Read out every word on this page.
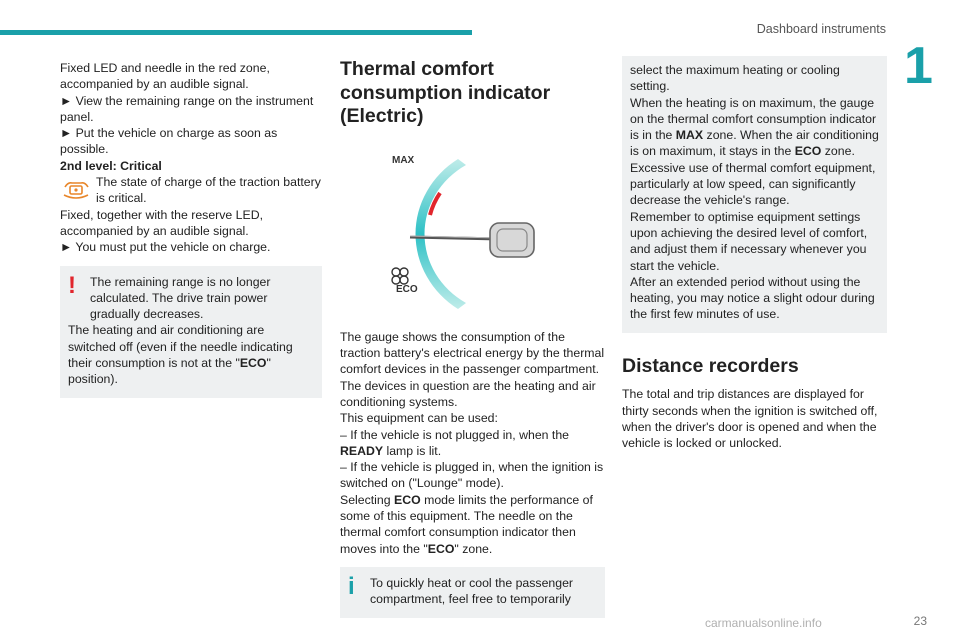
Dashboard instruments
1

Fixed LED and needle in the red zone,

accompanied by an audible signal.

► View the remaining range on the instrument panel.

► Put the vehicle on charge as soon as possible.

2nd level: Critical

The state of charge of the traction battery is critical.

Fixed, together with the reserve LED, accompanied by an audible signal.

► You must put the vehicle on charge.

!	The remaining range is no longer calculated. The drive train power gradually decreases.

The heating and air conditioning are switched off (even if the needle indicating their consumption is not at the "ECO" position).

Thermal comfort consumption indicator (Electric)
MAX
ECO

The gauge shows the consumption of the traction battery's electrical energy by the thermal comfort devices in the passenger compartment.

The devices in question are the heating and air conditioning systems.

This equipment can be used:

– If the vehicle is not plugged in, when the READY lamp is lit.

– If the vehicle is plugged in, when the ignition is switched on ("Lounge" mode).

Selecting ECO mode limits the performance of some of this equipment. The needle on the thermal comfort consumption indicator then moves into the "ECO" zone.

i	To quickly heat or cool the passenger compartment, feel free to temporarily

select the maximum heating or cooling setting.

When the heating is on maximum, the gauge on the thermal comfort consumption indicator is in the MAX zone. When the air conditioning is on maximum, it stays in the ECO zone.

Excessive use of thermal comfort equipment, particularly at low speed, can significantly decrease the vehicle's range.

Remember to optimise equipment settings upon achieving the desired level of comfort, and adjust them if necessary whenever you start the vehicle.

After an extended period without using the heating, you may notice a slight odour during the first few minutes of use.

Distance recorders

The total and trip distances are displayed for thirty seconds when the ignition is switched off, when the driver's door is opened and when the vehicle is locked or unlocked.

carmanualsonline.info	23
